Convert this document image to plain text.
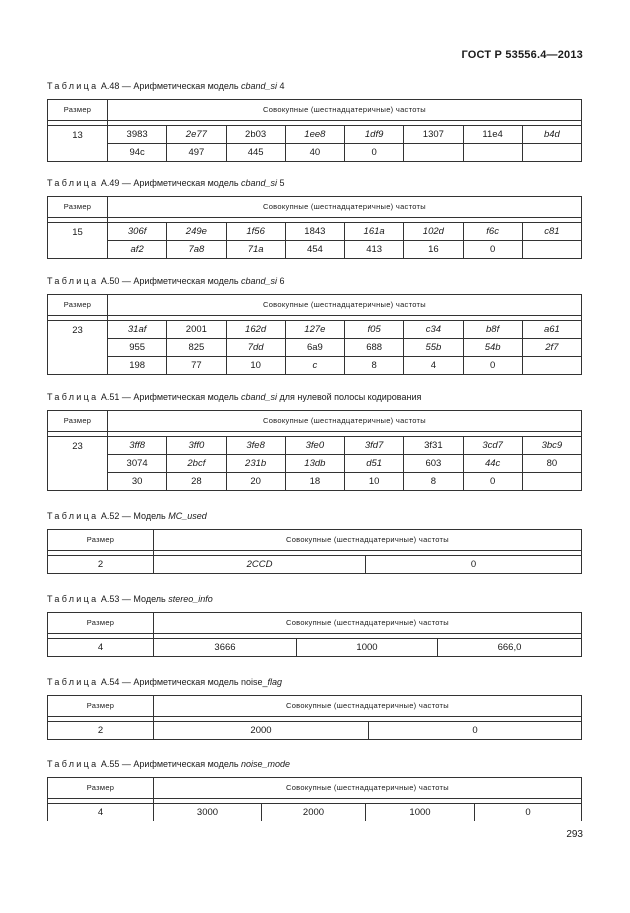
ГОСТ Р 53556.4—2013
Таблица А.48 — Арифметическая модель cband_si 4
Размер	Совокупные (шестнадцатеричные) частоты							

13	3983	2e77	2b03	1ee8	1df9	1307	11e4	b4d
	94c	497	445	40	0			
Таблица А.49 — Арифметическая модель cband_si 5
Размер	Совокупные (шестнадцатеричные) частоты							

15	306f	249e	1f56	1843	161a	102d	f6c	c81
	af2	7a8	71a	454	413	16	0	
Таблица А.50 — Арифметическая модель cband_si 6
Размер	Совокупные (шестнадцатеричные) частоты							

23	31af	2001	162d	127e	f05	c34	b8f	a61
	955	825	7dd	6a9	688	55b	54b	2f7
	198	77	10	c	8	4	0	
Таблица А.51 — Арифметическая модель cband_si для нулевой полосы кодирования
Размер	Совокупные (шестнадцатеричные) частоты							

23	3ff8	3ff0	3fe8	3fe0	3fd7	3f31	3cd7	3bc9
	3074	2bcf	231b	13db	d51	603	44c	80
	30	28	20	18	10	8	0	
Таблица А.52 — Модель MC_used
Размер	Совокупные (шестнадцатеричные) частоты	

2	2CCD	0
Таблица А.53 — Модель stereo_info
Размер	Совокупные (шестнадцатеричные) частоты		

4	3666	1000	666,0
Таблица А.54 — Арифметическая модель noise_flag
Размер	Совокупные (шестнадцатеричные) частоты	

2	2000	0
Таблица А.55 — Арифметическая модель noise_mode
Размер	Совокупные (шестнадцатеричные) частоты			

4	3000	2000	1000	0
293
